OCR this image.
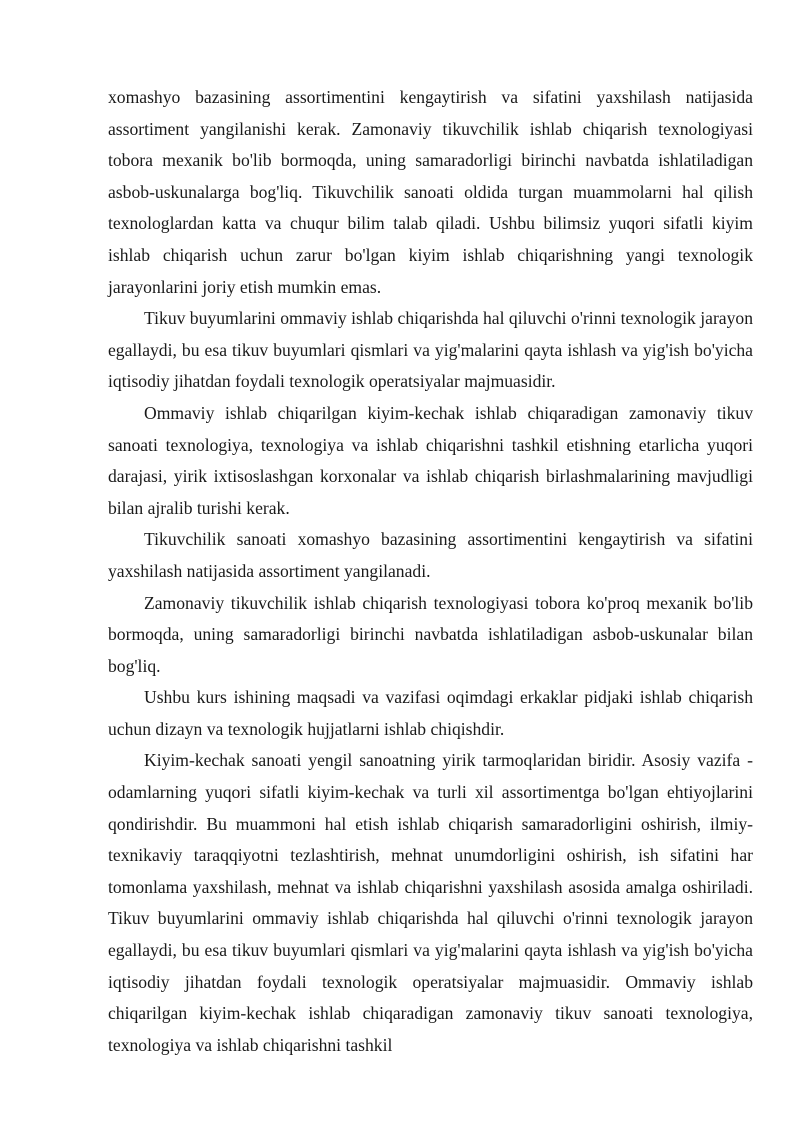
xomashyo bazasining assortimentini kengaytirish va sifatini yaxshilash natijasida assortiment yangilanishi kerak. Zamonaviy tikuvchilik ishlab chiqarish texnologiyasi tobora mexanik bo'lib bormoqda, uning samaradorligi birinchi navbatda ishlatiladigan asbob-uskunalarga bog'liq. Tikuvchilik sanoati oldida turgan muammolarni hal qilish texnologlardan katta va chuqur bilim talab qiladi. Ushbu bilimsiz yuqori sifatli kiyim ishlab chiqarish uchun zarur bo'lgan kiyim ishlab chiqarishning yangi texnologik jarayonlarini joriy etish mumkin emas.

Tikuv buyumlarini ommaviy ishlab chiqarishda hal qiluvchi o'rinni texnologik jarayon egallaydi, bu esa tikuv buyumlari qismlari va yig'malarini qayta ishlash va yig'ish bo'yicha iqtisodiy jihatdan foydali texnologik operatsiyalar majmuasidir.

Ommaviy ishlab chiqarilgan kiyim-kechak ishlab chiqaradigan zamonaviy tikuv sanoati texnologiya, texnologiya va ishlab chiqarishni tashkil etishning etarlicha yuqori darajasi, yirik ixtisoslashgan korxonalar va ishlab chiqarish birlashmalarining mavjudligi bilan ajralib turishi kerak.

Tikuvchilik sanoati xomashyo bazasining assortimentini kengaytirish va sifatini yaxshilash natijasida assortiment yangilanadi.

Zamonaviy tikuvchilik ishlab chiqarish texnologiyasi tobora ko'proq mexanik bo'lib bormoqda, uning samaradorligi birinchi navbatda ishlatiladigan asbob-uskunalar bilan bog'liq.

Ushbu kurs ishining maqsadi va vazifasi oqimdagi erkaklar pidjaki ishlab chiqarish uchun dizayn va texnologik hujjatlarni ishlab chiqishdir.

Kiyim-kechak sanoati yengil sanoatning yirik tarmoqlaridan biridir. Asosiy vazifa - odamlarning yuqori sifatli kiyim-kechak va turli xil assortimentga bo'lgan ehtiyojlarini qondirishdir. Bu muammoni hal etish ishlab chiqarish samaradorligini oshirish, ilmiy-texnikaviy taraqqiyotni tezlashtirish, mehnat unumdorligini oshirish, ish sifatini har tomonlama yaxshilash, mehnat va ishlab chiqarishni yaxshilash asosida amalga oshiriladi. Tikuv buyumlarini ommaviy ishlab chiqarishda hal qiluvchi o'rinni texnologik jarayon egallaydi, bu esa tikuv buyumlari qismlari va yig'malarini qayta ishlash va yig'ish bo'yicha iqtisodiy jihatdan foydali texnologik operatsiyalar majmuasidir. Ommaviy ishlab chiqarilgan kiyim-kechak ishlab chiqaradigan zamonaviy tikuv sanoati texnologiya, texnologiya va ishlab chiqarishni tashkil
